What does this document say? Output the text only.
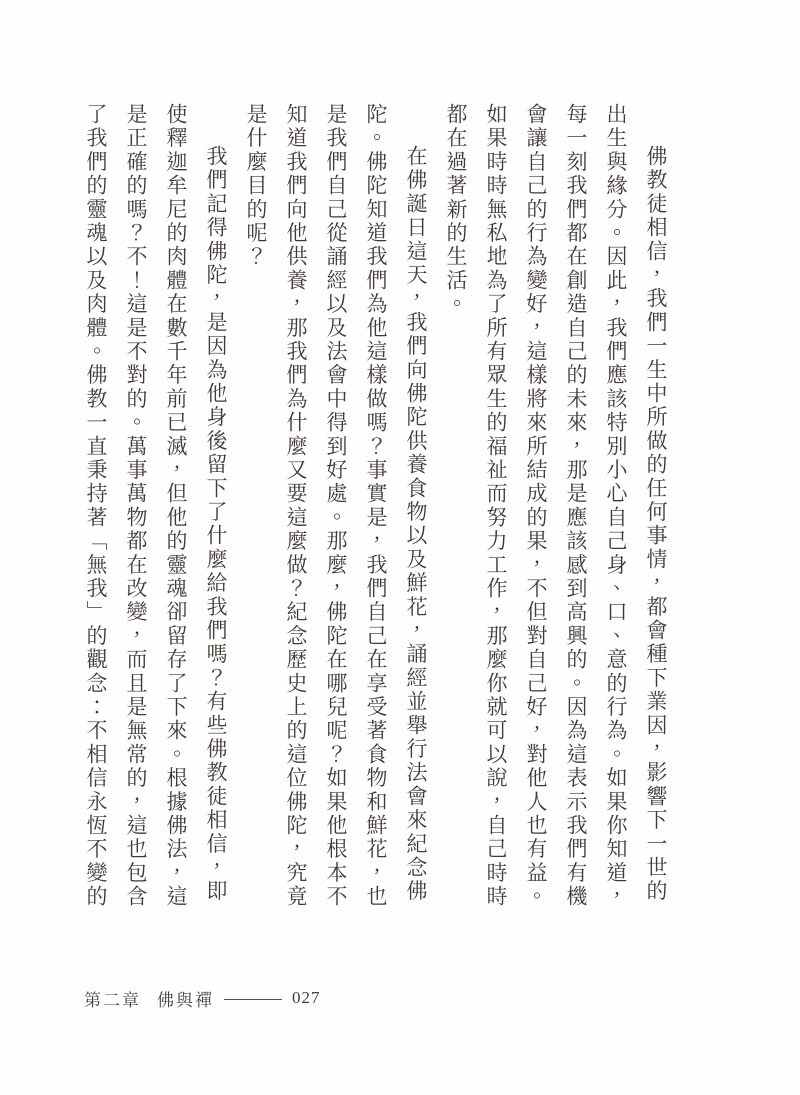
佛教徒相信，我們一生中所做的任何事情，都會種下業因，影響下一世的出生與緣分。因此，我們應該特別小心自己身、口、意的行為。如果你知道，每一刻我們都在創造自己的未來，那是應該感到高興的。因為這表示我們有機會讓自己的行為變好，這樣將來所結成的果，不但對自己好，對他人也有益。如果時時無私地為了所有眾生的福祉而努力工作，那麼你就可以說，自己時時都在過著新的生活。

在佛誕日這天，我們向佛陀供養食物以及鮮花，誦經並舉行法會來紀念佛陀。佛陀知道我們為他這樣做嗎？事實是，我們自己在享受著食物和鮮花，也是我們自己從誦經以及法會中得到好處。那麼，佛陀在哪兒呢？如果他根本不知道我們向他供養，那我們為什麼又要這麼做？紀念歷史上的這位佛陀，究竟是什麼目的呢？

我們記得佛陀，是因為他身後留下了什麼給我們嗎？有些佛教徒相信，即使釋迦牟尼的肉體在數千年前已滅，但他的靈魂卻留存了下來。根據佛法，這是正確的嗎？不！這是不對的。萬事萬物都在改變，而且是無常的，這也包含了我們的靈魂以及肉體。佛教一直秉持著「無我」的觀念：不相信永恆不變的

第二章 佛與禪	027
